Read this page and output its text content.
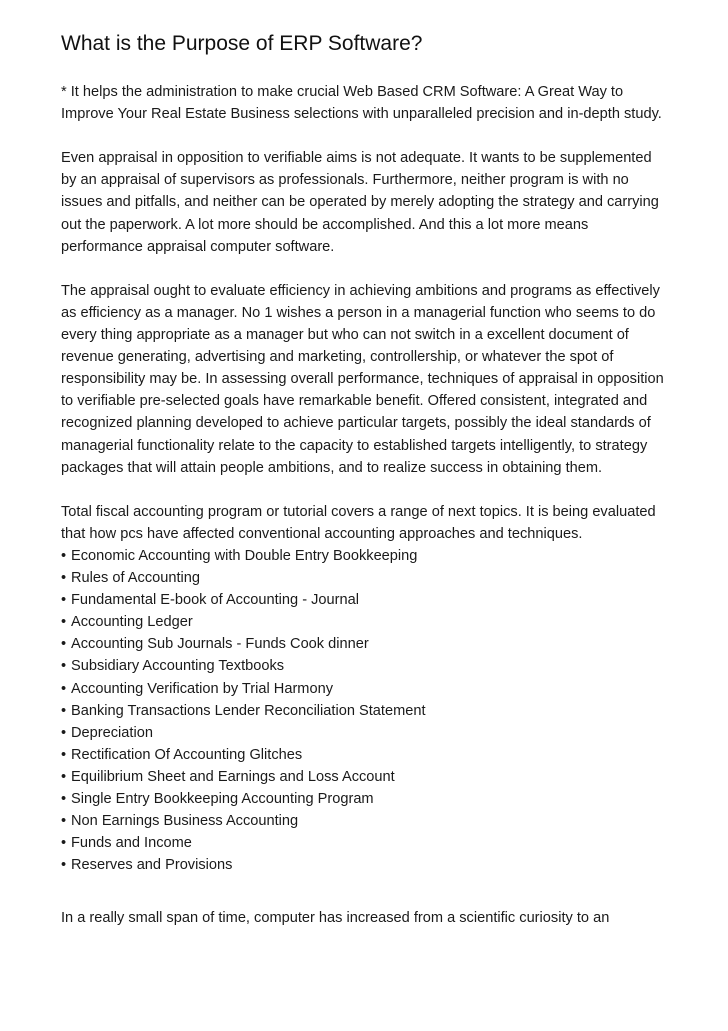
What is the Purpose of ERP Software?

* It helps the administration to make crucial Web Based CRM Software: A Great Way to Improve Your Real Estate Business selections with unparalleled precision and in-depth study.

Even appraisal in opposition to verifiable aims is not adequate. It wants to be supplemented by an appraisal of supervisors as professionals. Furthermore, neither program is with no issues and pitfalls, and neither can be operated by merely adopting the strategy and carrying out the paperwork. A lot more should be accomplished. And this a lot more means performance appraisal computer software.

The appraisal ought to evaluate efficiency in achieving ambitions and programs as effectively as efficiency as a manager. No 1 wishes a person in a managerial function who seems to do every thing appropriate as a manager but who can not switch in a excellent document of revenue generating, advertising and marketing, controllership, or whatever the spot of responsibility may be. In assessing overall performance, techniques of appraisal in opposition to verifiable pre-selected goals have remarkable benefit. Offered consistent, integrated and recognized planning developed to achieve particular targets, possibly the ideal standards of managerial functionality relate to the capacity to established targets intelligently, to strategy packages that will attain people ambitions, and to realize success in obtaining them.

Total fiscal accounting program or tutorial covers a range of next topics. It is being evaluated that how pcs have affected conventional accounting approaches and techniques.

• Economic Accounting with Double Entry Bookkeeping
• Rules of Accounting
• Fundamental E-book of Accounting - Journal
• Accounting Ledger
• Accounting Sub Journals - Funds Cook dinner
• Subsidiary Accounting Textbooks
• Accounting Verification by Trial Harmony
• Banking Transactions Lender Reconciliation Statement
• Depreciation
• Rectification Of Accounting Glitches
• Equilibrium Sheet and Earnings and Loss Account
• Single Entry Bookkeeping Accounting Program
• Non Earnings Business Accounting
• Funds and Income
• Reserves and Provisions

In a really small span of time, computer has increased from a scientific curiosity to an
